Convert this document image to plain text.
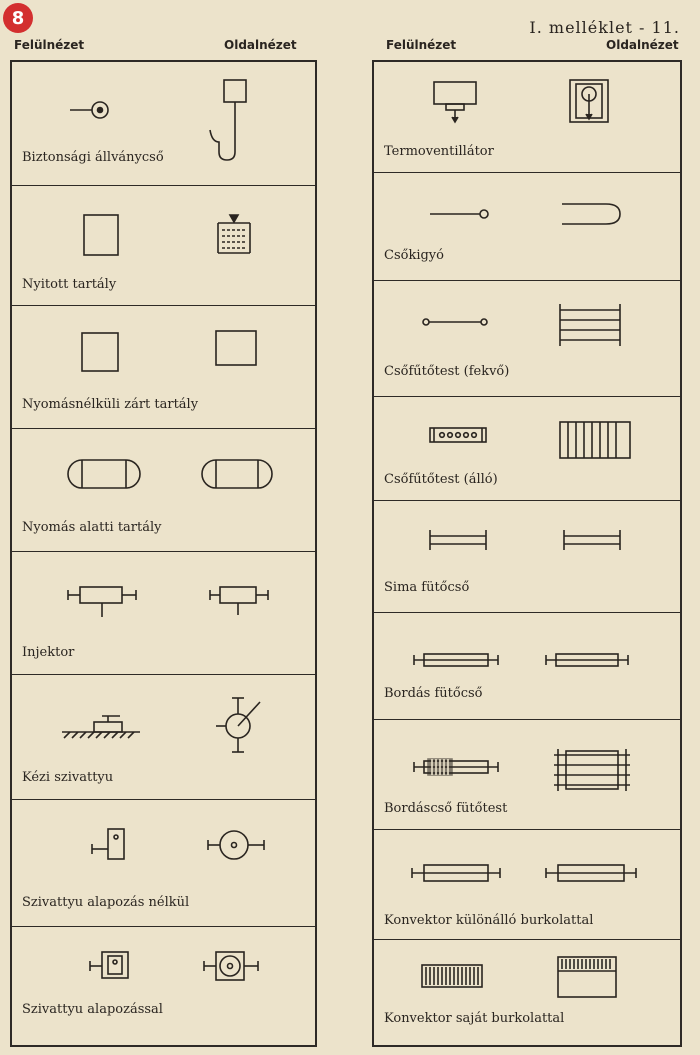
8	I. melléklet - 11.
Felülnézet	Oldalnézet	Felülnézet	Oldalnézet
Biztonsági állványcső
Nyitott tartály
Nyomásnélküli zárt tartály
Nyomás alatti tartály
Injektor
Kézi szivattyu
Szivattyu alapozás nélkül
Szivattyu alapozással
Termoventillátor
Csőkigyó
Csőfűtőtest (fekvő)
Csőfűtőtest (álló)
Sima fütőcső
Bordás fütőcső
Bordáscső fütőtest
Konvektor különálló burkolattal
Konvektor saját burkolattal
